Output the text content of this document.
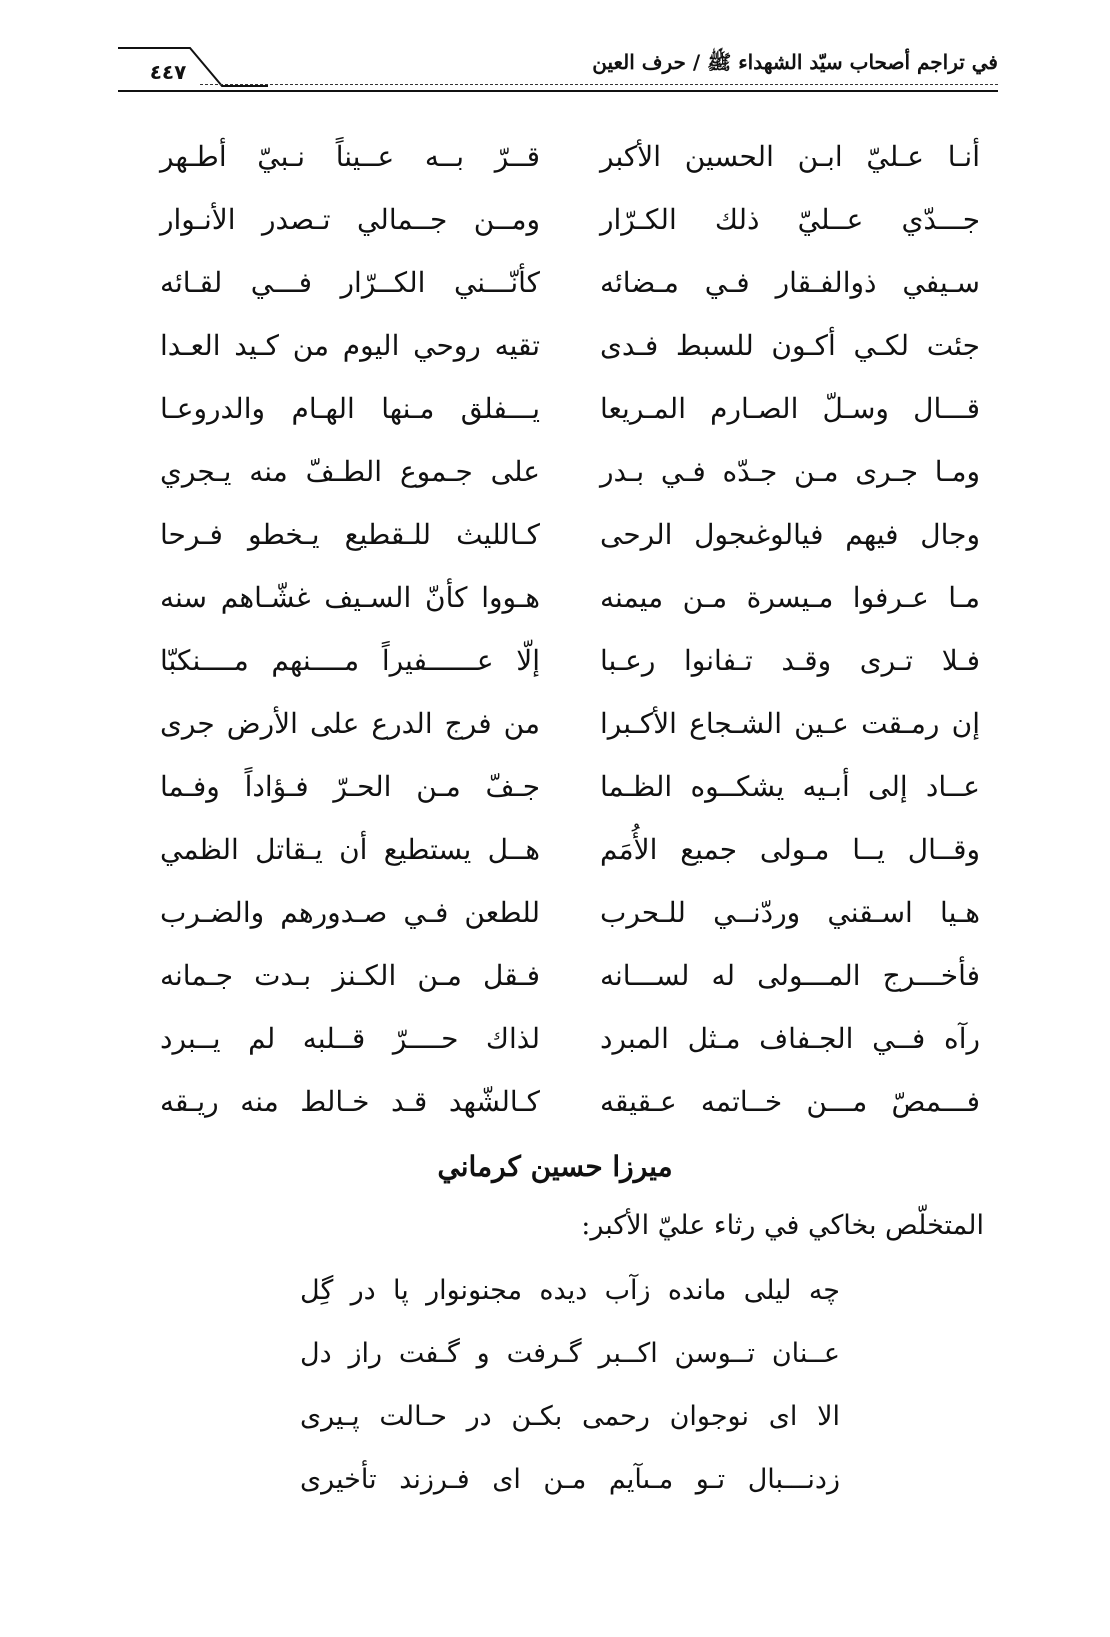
في تراجم أصحاب سيّد الشهداء ﷺ / حرف العين
٤٤٧
أنـا عـليّ ابـن الحسين الأكبر
قــرّ بــه عــيناً نـبيّ أطـهر
جـــدّي عــليّ ذلك الكـرّار
ومــن جــمالي تـصدر الأنـوار
سـيفي ذوالفـقار فـي مـضائه
كأنّـــني الكــرّار فـــي لقـائه
جئت لكـي أكـون للسبط فـدى
تقيه روحي اليوم من كـيد العـدا
قـــال وسـلّ الصـارم المـريعا
يـــفلق مـنها الهـام والدروعـا
ومـا جـرى مـن جـدّه فـي بـدر
على جـموع الطـفّ منه يـجري
وجال فيهم فيالوغىجول الرحى
كـالليث للـقطيع يـخطو فـرحا
مـا عـرفوا مـيسرة مـن ميمنه
هـووا كأنّ السـيف غشّـاهم سنه
فـلا تـرى وقـد تـفانوا رعـبا
إلّا عــــــفيراً مــــنهم مــــنكبّا
إن رمـقت عـين الشـجاع الأكـبرا
من فرج الدرع على الأرض جرى
عــاد إلى أبـيه يشكــوه الظـما
جـفّ مـن الحـرّ فـؤاداً وفـما
وقــال يــا مـولى جميع الأُمَم
هــل يستطيع أن يـقاتل الظمي
هـيا اسـقني وردّنــي للـحرب
للطعن فـي صـدورهم والضـرب
فأخـــرج المـــولى له لســـانه
فـقل مـن الكـنز بـدت جـمانه
رآه فــي الجـفاف مـثل المبرد
لذاك حــــرّ قــلبه لم يــبرد
فـــمصّ مـــن خــاتمه عـقيقه
كـالشّهد قـد خـالط منه ريـقه
ميرزا حسين كرماني
المتخلّص بخاكي في رثاء عليّ الأكبر:
چه ليلى مانده زآب ديده مجنونوار پا در گِل
عــنان تــوسن اكــبر گـرفت و گـفت راز دل
الا اى نوجوان رحمى بكـن در حـالت پـيرى
زدنـــبال تـو مـىآيم مـن اى فـرزند تأخيرى
